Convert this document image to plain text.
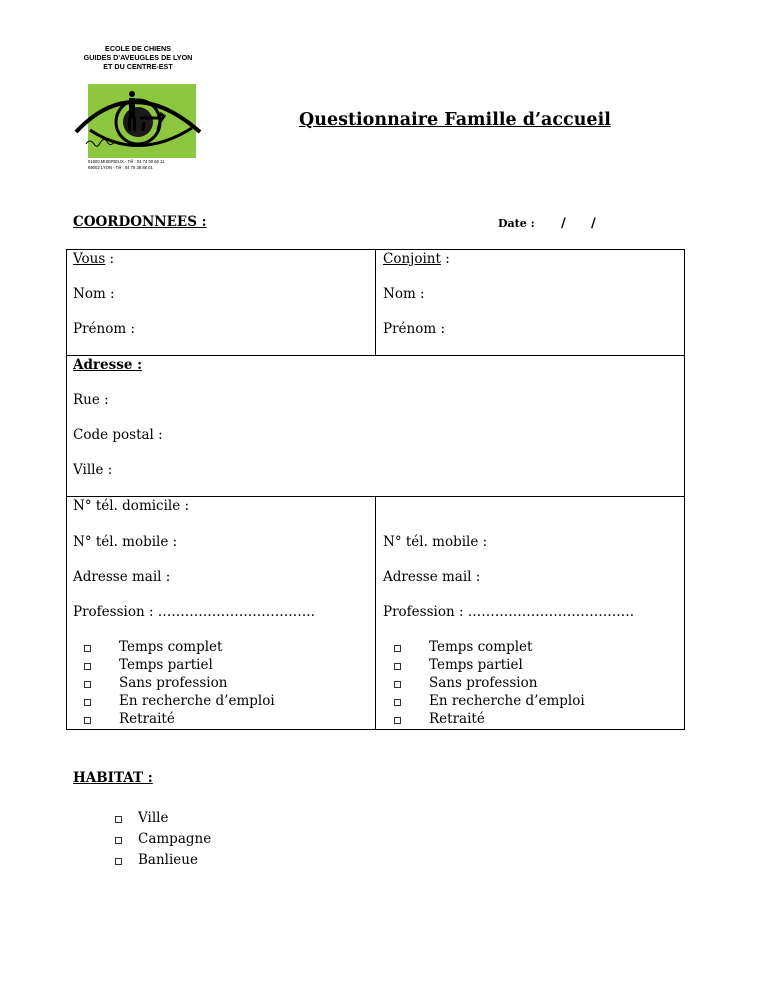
ECOLE DE CHIENS
GUIDES D'AVEUGLES DE LYON
ET DU CENTRE-EST
01600 MISERIEUX - Tél : 04 74 00 60 11
69002 LYON - Tél : 04 78 38 88 01
Questionnaire Famille d’accueil
COORDONNEES :	Date : / /
Vous :
Nom :
Prénom :
Conjoint :
Nom :
Prénom :
Adresse :
Rue :
Code postal :
Ville :
N° tél. domicile :
N° tél. mobile :
Adresse mail :
Profession : ……………………………..
Temps complet
Temps partiel
Sans profession
En recherche d’emploi
Retraité
N° tél. mobile :
Adresse mail :
Profession : ……………………………….
Temps complet
Temps partiel
Sans profession
En recherche d’emploi
Retraité
HABITAT :
Ville
Campagne
Banlieue
